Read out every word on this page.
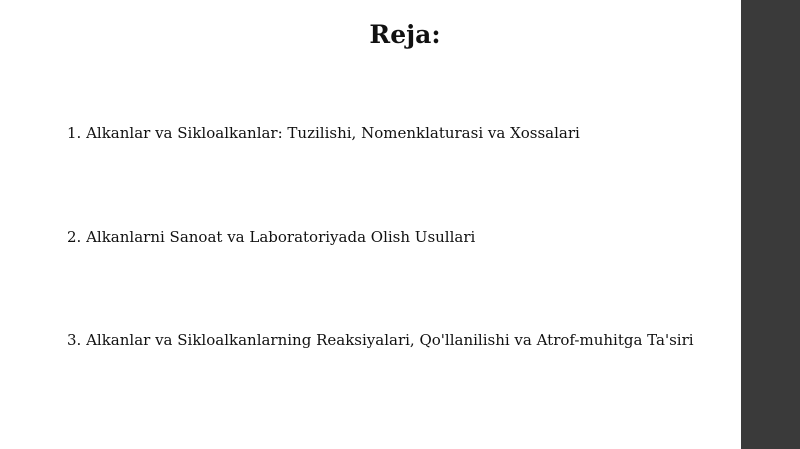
Reja:

1. Alkanlar va Sikloalkanlar: Tuzilishi, Nomenklaturasi va Xossalari

2. Alkanlarni Sanoat va Laboratoriyada Olish Usullari

3. Alkanlar va Sikloalkanlarning Reaksiyalari, Qo'llanilishi va Atrof-muhitga Ta'siri
